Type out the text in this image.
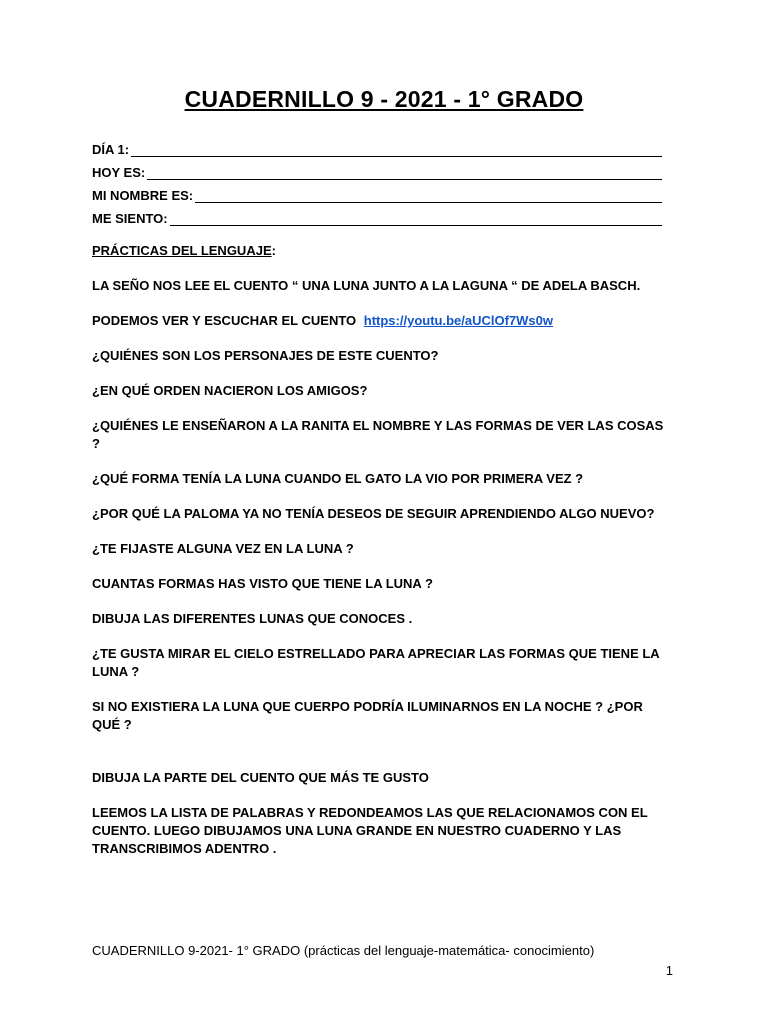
CUADERNILLO 9 - 2021 - 1° GRADO
DÍA 1:
HOY ES:
MI NOMBRE ES:
ME SIENTO:

PRÁCTICAS DEL LENGUAJE:

LA SEÑO NOS LEE EL CUENTO “ UNA LUNA JUNTO A LA LAGUNA “ DE ADELA BASCH.

PODEMOS VER Y ESCUCHAR EL CUENTO https://youtu.be/aUClOf7Ws0w

¿QUIÉNES SON LOS PERSONAJES DE ESTE CUENTO?

¿EN QUÉ ORDEN NACIERON LOS AMIGOS?

¿QUIÉNES LE ENSEÑARON A LA RANITA EL NOMBRE Y LAS FORMAS DE VER LAS COSAS ?

¿QUÉ FORMA TENÍA LA LUNA CUANDO EL GATO LA VIO POR PRIMERA VEZ ?

¿POR QUÉ LA PALOMA YA NO TENÍA DESEOS DE SEGUIR APRENDIENDO ALGO NUEVO?

¿TE FIJASTE ALGUNA VEZ EN LA LUNA ?

CUANTAS FORMAS HAS VISTO QUE TIENE LA LUNA ?

DIBUJA LAS DIFERENTES LUNAS QUE CONOCES .

¿TE GUSTA MIRAR EL CIELO ESTRELLADO PARA APRECIAR LAS FORMAS QUE TIENE LA LUNA ?

SI NO EXISTIERA LA LUNA QUE CUERPO PODRÍA ILUMINARNOS EN LA NOCHE ? ¿POR QUÉ ?

DIBUJA LA PARTE DEL CUENTO QUE MÁS TE GUSTO

LEEMOS LA LISTA DE PALABRAS Y REDONDEAMOS LAS QUE RELACIONAMOS CON EL CUENTO. LUEGO DIBUJAMOS UNA LUNA GRANDE EN NUESTRO CUADERNO Y LAS TRANSCRIBIMOS ADENTRO .

CUADERNILLO 9-2021- 1° GRADO (prácticas del lenguaje-matemática- conocimiento)
1
